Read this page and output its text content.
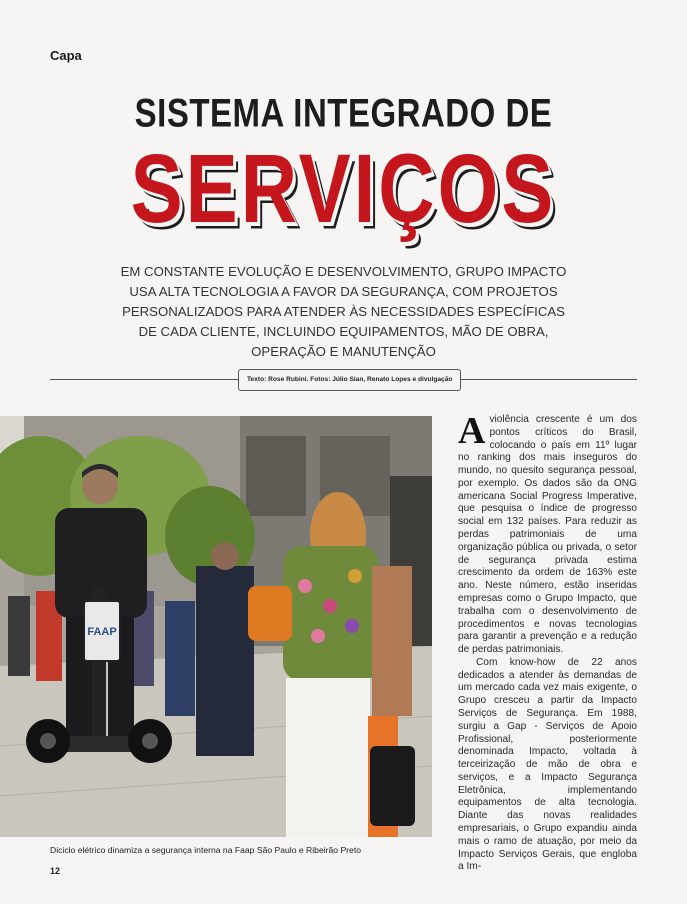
Capa
SISTEMA INTEGRADO DE
SERVIÇOS
EM CONSTANTE EVOLUÇÃO E DESENVOLVIMENTO, GRUPO IMPACTO USA ALTA TECNOLOGIA A FAVOR DA SEGURANÇA, COM PROJETOS PERSONALIZADOS PARA ATENDER ÀS NECESSIDADES ESPECÍFICAS DE CADA CLIENTE, INCLUINDO EQUIPAMENTOS, MÃO DE OBRA, OPERAÇÃO E MANUTENÇÃO
Texto: Rose Rubini. Fotos: Júlio Sian, Renato Lopes e divulgação
FAAP
Diciclo elétrico dinamiza a segurança interna na Faap São Paulo e Ribeirão Preto
12

A violência crescente é um dos pontos críticos do Brasil, colocando o país em 11º lugar no ranking dos mais inseguros do mundo, no quesito segurança pessoal, por exemplo. Os dados são da ONG americana Social Progress Imperative, que pesquisa o índice de progresso social em 132 países. Para reduzir as perdas patrimoniais de uma organização pública ou privada, o setor de segurança privada estima crescimento da ordem de 163% este ano. Neste número, estão inseridas empresas como o Grupo Impacto, que trabalha com o desenvolvimento de procedimentos e novas tecnologias para garantir a prevenção e a redução de perdas patrimoniais.

Com know-how de 22 anos dedicados a atender às demandas de um mercado cada vez mais exigente, o Grupo cresceu a partir da Impacto Serviços de Segurança. Em 1988, surgiu a Gap - Serviços de Apoio Profissional, posteriormente denominada Impacto, voltada à terceirização de mão de obra e serviços, e a Impacto Segurança Eletrônica, implementando equipamentos de alta tecnologia. Diante das novas realidades empresariais, o Grupo expandiu ainda mais o ramo de atuação, por meio da Impacto Serviços Gerais, que engloba a Im-
